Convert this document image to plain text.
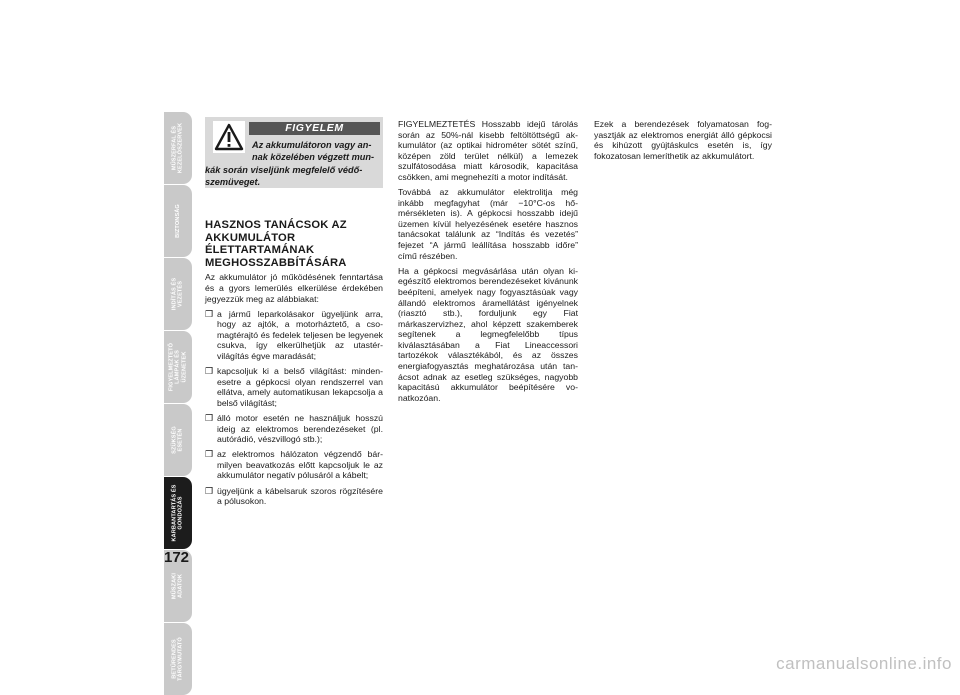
MŰSZERFAL ÉS
KEZELŐSZERVEK
BIZTONSÁG
INDÍTÁS ÉS
VEZETÉS
FIGYELMEZTETŐ
LÁMPÁK ÉS
ÜZENETEK
SZÜKSÉG
ESETÉN
KARBANTARTÁS ÉS
GONDOZÁS
MŰSZAKI
ADATOK
BETŰRENDES
TÁRGYMUTATÓ
172
FIGYELEM
Az akkumulátoron vagy an-
nak közelében végzett mun-
kák során viseljünk megfelelő védő-
szemüveget.
HASZNOS TANÁCSOK AZ AKKUMULÁTOR ÉLETTARTAMÁNAK MEGHOSSZABBÍTÁSÁRA

Az akkumulátor jó működésének fenntartása és a gyors lemerülés elkerülése érdekében jegyezzük meg az alábbiakat:

❒ a jármű leparkolásakor ügyeljünk arra, hogy az ajtók, a motorháztető, a csomagtérajtó és fedelek teljesen be legyenek csukva, így elkerülhetjük az utastér-világítás égve maradását;
❒ kapcsoljuk ki a belső világítást: mindenesetre a gépkocsi olyan rendszerrel van ellátva, amely automatikusan lekapcsolja a belső világítást;
❒ álló motor esetén ne használjuk hosszú ideig az elektromos berendezéseket (pl. autórádió, vészvillogó stb.);
❒ az elektromos hálózaton végzendő bármilyen beavatkozás előtt kapcsoljuk le az akkumulátor negatív pólusáról a kábelt;
❒ ügyeljünk a kábelsaruk szoros rögzítésére a pólusokon.

FIGYELMEZTETÉS Hosszabb idejű tárolás során az 50%-nál kisebb feltöltöttségű akkumulátor (az optikai hidrométer sötét színű, középen zöld terület nélkül) a lemezek szulfátosodása miatt károsodik, kapacitása csökken, ami megnehezíti a motor indítását.

Továbbá az akkumulátor elektrolitja még inkább megfagyhat (már −10°C-os hőmérsékleten is). A gépkocsi hosszabb idejű üzemen kívül helyezésének esetére hasznos tanácsokat találunk az “Indítás és vezetés” fejezet “A jármű leállítása hosszabb időre” című részében.

Ha a gépkocsi megvásárlása után olyan kiegészítő elektromos berendezéseket kivánunk beépíteni, amelyek nagy fogyasztásúak vagy állandó elektromos áramellátást igényelnek (riasztó stb.), forduljunk egy Fiat márkaszervizhez, ahol képzett szakemberek segítenek a legmegfelelőbb típus kiválasztásában a Fiat Lineaccessori tartozékok választékából, és az összes energiafogyasztás meghatározása után tanácsot adnak az esetleg szükséges, nagyobb kapacitású akkumulátor beépítésére vonatkozóan.

Ezek a berendezések folyamatosan fogyasztják az elektromos energiát álló gépkocsi és kihúzott gyújtáskulcs esetén is, így fokozatosan lemeríthetik az akkumulátort.

carmanualsonline.info
